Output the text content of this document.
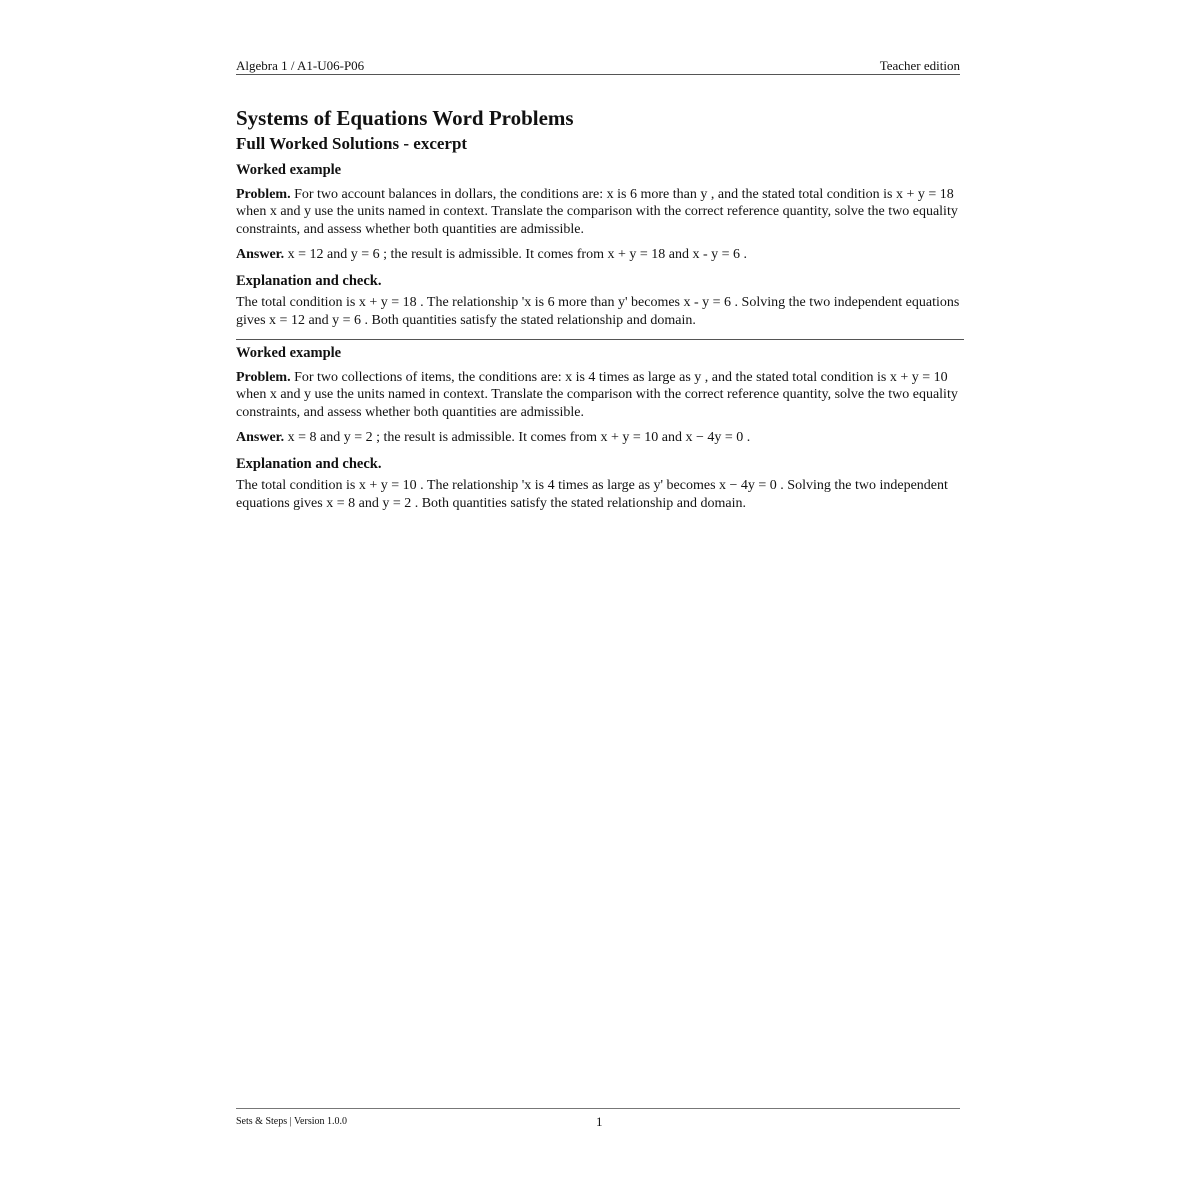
Algebra 1 / A1-U06-P06	Teacher edition
Systems of Equations Word Problems
Full Worked Solutions - excerpt
Worked example

Problem. For two account balances in dollars, the conditions are: x is 6 more than y , and the stated total condition is x + y = 18 when x and y use the units named in context. Translate the comparison with the correct reference quantity, solve the two equality constraints, and assess whether both quantities are admissible.

Answer. x = 12 and y = 6 ; the result is admissible. It comes from x + y = 18 and x - y = 6 .

Explanation and check.

The total condition is x + y = 18 . The relationship 'x is 6 more than y' becomes x - y = 6 . Solving the two independent equations gives x = 12 and y = 6 . Both quantities satisfy the stated relationship and domain.

Worked example

Problem. For two collections of items, the conditions are: x is 4 times as large as y , and the stated total condition is x + y = 10 when x and y use the units named in context. Translate the comparison with the correct reference quantity, solve the two equality constraints, and assess whether both quantities are admissible.

Answer. x = 8 and y = 2 ; the result is admissible. It comes from x + y = 10 and x − 4y = 0 .

Explanation and check.

The total condition is x + y = 10 . The relationship 'x is 4 times as large as y' becomes x − 4y = 0 . Solving the two independent equations gives x = 8 and y = 2 . Both quantities satisfy the stated relationship and domain.

Sets & Steps | Version 1.0.0	1
